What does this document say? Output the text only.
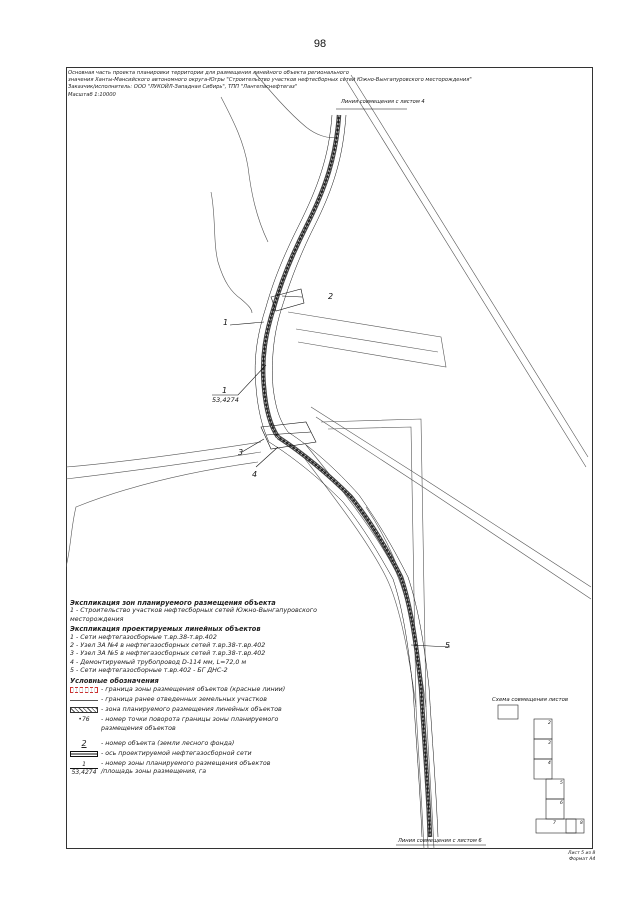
98
Основная часть проекта планировки территории для размещения линейного объекта регионального
значения Ханты-Мансийского автономного округа-Югры "Строительство участков нефтесборных сетей Южно-Вынгапуровского месторождения"
Заказчик/исполнитель: ООО "ЛУКОЙЛ-Западная Сибирь", ТПП "Лангепаснефтегаз"
Масштаб 1:10000
Линия совмещения с листом 4
Линия совмещения с листом 6
1
2
1
53,4274
3
4
5
Экспликация зон планируемого размещения объекта
1 - Строительство участков нефтесборных сетей Южно-Вынгапуровского
месторождения
Экспликация проектируемых линейных объектов
1 - Сети нефтегазосборные т.вр.38-т.вр.402
2 - Узел ЗА №4 в нефтегазосборных сетей т.вр.38-т.вр.402
3 - Узел ЗА №5 в нефтегазосборных сетей т.вр.38-т.вр.402
4 - Демонтируемый трубопровод D-114 мм, L=72,0 м
5 - Сети нефтегазосборные т.вр.402 - БГ ДНС-2
Условные обозначения
- граница зоны размещения объектов (красные линии)
- граница ранее отведенных земельных участков
- зона планируемого размещения линейных объектов
•76	- номер точки поворота границы зоны планируемого
размещения объектов
2	- номер объекта (земли лесного фонда)
- ось проектируемой нефтегазосборной сети
$\frac{1}{53,4274}$ - номер зоны планируемого размещения объектов
/площадь зоны размещения, га
Схема совмещения листов
2
3
4
5
6
7	8
Лист 5 из 8
Формат А4
